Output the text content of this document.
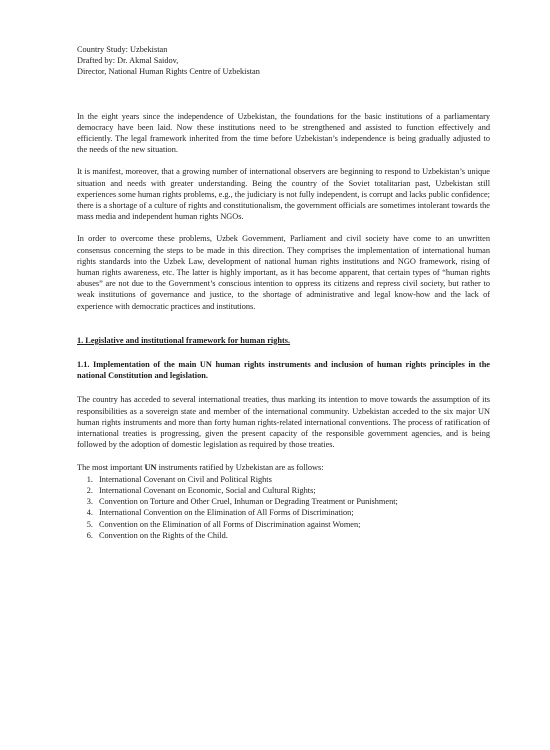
Country Study: Uzbekistan
Drafted by: Dr. Akmal Saidov,
Director, National Human Rights Centre of Uzbekistan

In the eight years since the independence of Uzbekistan, the foundations for the basic institutions of a parliamentary democracy have been laid. Now these institutions need to be strengthened and assisted to function effectively and efficiently. The legal framework inherited from the time before Uzbekistan’s independence is being gradually adjusted to the needs of the new situation.

It is manifest, moreover, that a growing number of international observers are beginning to respond to Uzbekistan’s unique situation and needs with greater understanding. Being the country of the Soviet totalitarian past, Uzbekistan still experiences some human rights problems, e.g., the judiciary is not fully independent, is corrupt and lacks public confidence; there is a shortage of a culture of rights and constitutionalism, the government officials are sometimes intolerant towards the mass media and independent human rights NGOs.

In order to overcome these problems, Uzbek Government, Parliament and civil society have come to an unwritten consensus concerning the steps to be made in this direction. They comprises the implementation of international human rights standards into the Uzbek Law, development of national human rights institutions and NGO framework, rising of human rights awareness, etc. The latter is highly important, as it has become apparent, that certain types of “human rights abuses” are not due to the Government’s conscious intention to oppress its citizens and repress civil society, but rather to weak institutions of governance and justice, to the shortage of administrative and legal know-how and the lack of experience with democratic practices and institutions.

1. Legislative and institutional framework for human rights.
1.1. Implementation of the main UN human rights instruments and inclusion of human rights principles in the national Constitution and legislation.

The country has acceded to several international treaties, thus marking its intention to move towards the assumption of its responsibilities as a sovereign state and member of the international community. Uzbekistan acceded to the six major UN human rights instruments and more than forty human rights-related international conventions. The process of ratification of international treaties is progressing, given the present capacity of the responsible government agencies, and is being followed by the adoption of domestic legislation as required by those treaties.

The most important UN instruments ratified by Uzbekistan are as follows:
1. International Covenant on Civil and Political Rights
2. International Covenant on Economic, Social and Cultural Rights;
3. Convention on Torture and Other Cruel, Inhuman or Degrading Treatment or Punishment;
4. International Convention on the Elimination of All Forms of Discrimination;
5. Convention on the Elimination of all Forms of Discrimination against Women;
6. Convention on the Rights of the Child.
